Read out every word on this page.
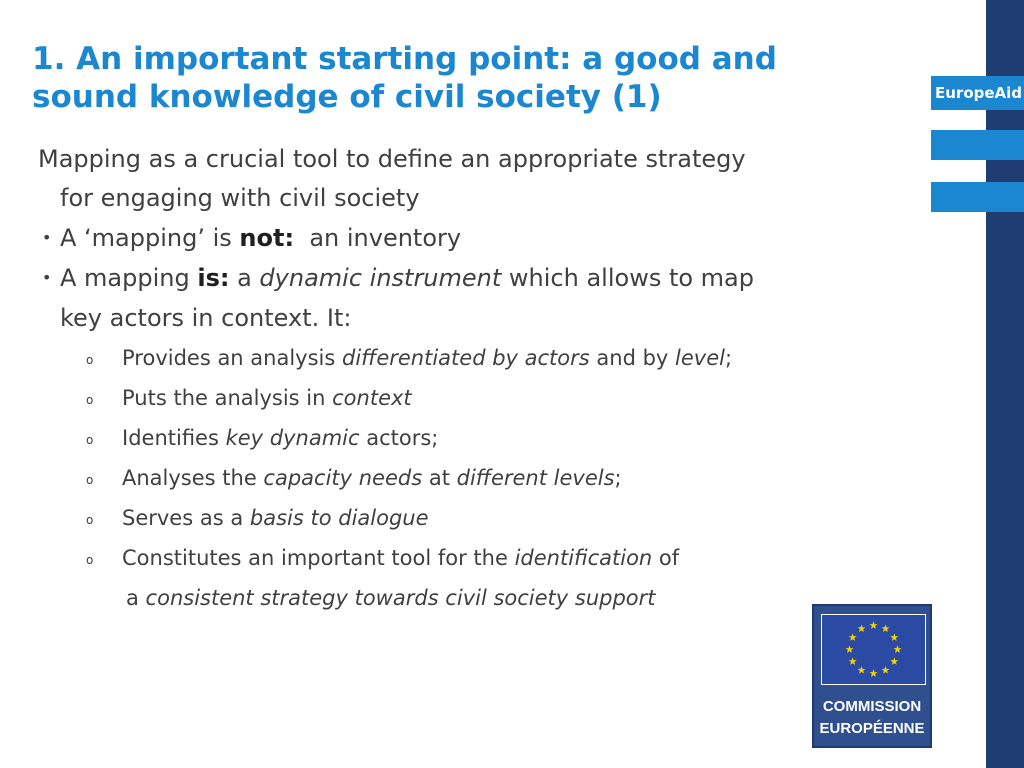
EuropeAid
1. An important starting point: a good and
sound knowledge of civil society (1)
Mapping as a crucial tool to define an appropriate strategy
for engaging with civil society
• A ‘mapping’ is not:  an inventory
• A mapping is: a dynamic instrument which allows to map
key actors in context. It:
o Provides an analysis differentiated by actors and by level;
o Puts the analysis in context
o Identifies key dynamic actors;
o Analyses the capacity needs at different levels;
o Serves as a basis to dialogue
o Constitutes an important tool for the identification of
a consistent strategy towards civil society support
COMMISSION
EUROPÉENNE
